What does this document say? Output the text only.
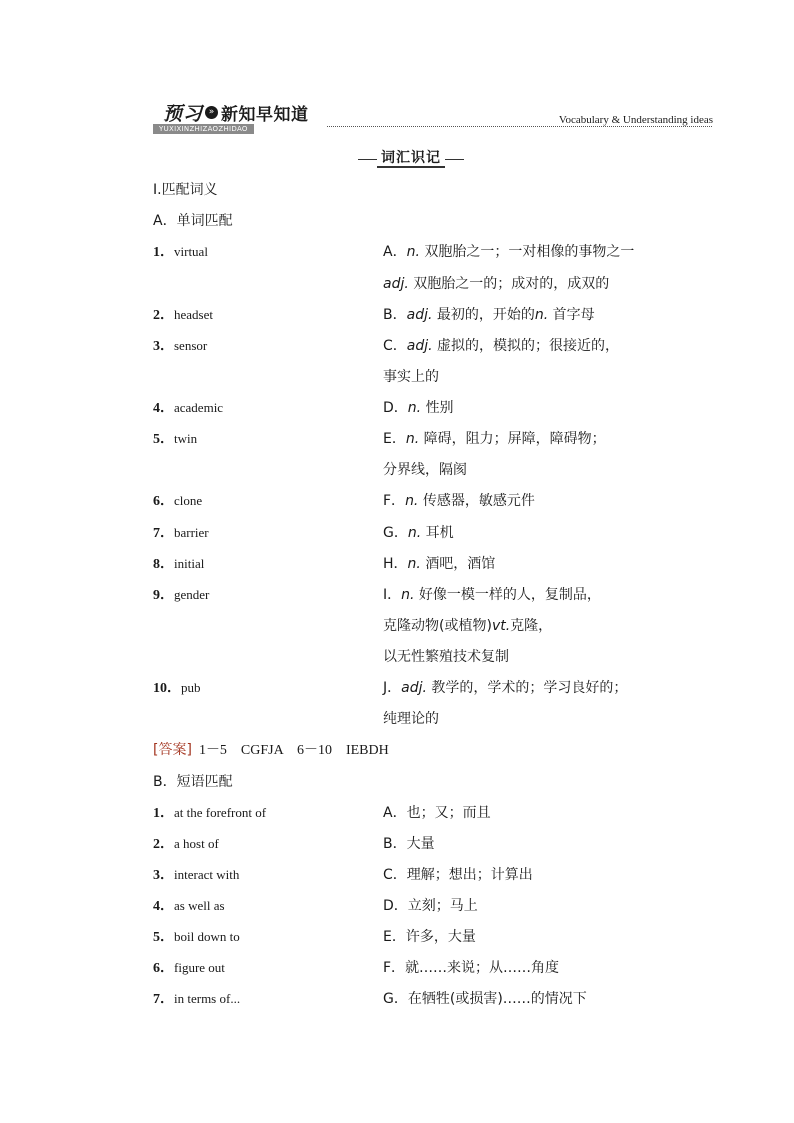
预习 » 新知早知道
YUXIXINZHIZAOZHIDAO
Vocabulary & Understanding ideas
词汇识记
Ⅰ.匹配词义
A．单词匹配
1．virtual
2．headset
3．sensor
4．academic
5．twin
6．clone
7．barrier
8．initial
9．gender
10．pub
A．n. 双胞胎之一；一对相像的事物之一
adj. 双胞胎之一的；成对的，成双的
B．adj. 最初的，开始的n. 首字母
C．adj. 虚拟的，模拟的；很接近的，
事实上的
D．n. 性别
E．n. 障碍，阻力；屏障，障碍物；
分界线，隔阂
F．n. 传感器，敏感元件
G．n. 耳机
H．n. 酒吧，酒馆
I．n. 好像一模一样的人，复制品，
克隆动物(或植物)vt.克隆，
以无性繁殖技术复制
J．adj. 教学的，学术的；学习良好的；
纯理论的
[答案] 1－5　CGFJA　6－10　IEBDH
B．短语匹配
1．at the forefront of
2．a host of
3．interact with
4．as well as
5．boil down to
6．figure out
7．in terms of...
A．也；又；而且
B．大量
C．理解；想出；计算出
D．立刻；马上
E．许多，大量
F．就……来说；从……角度
G．在牺牲(或损害)……的情况下
